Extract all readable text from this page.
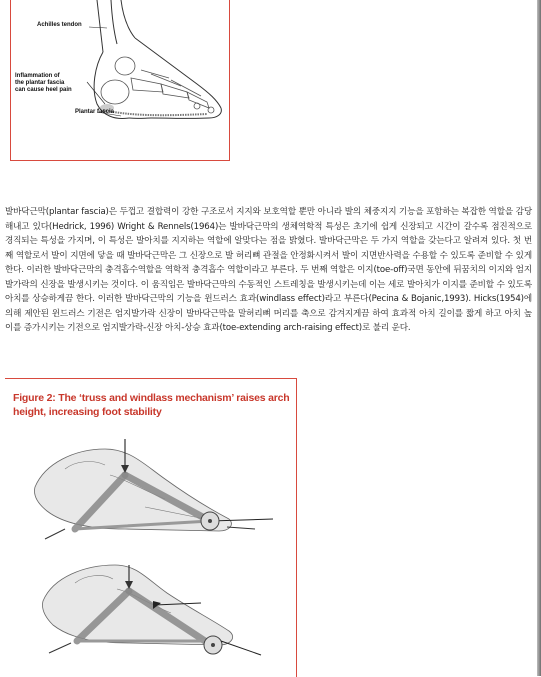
Achilles tendon
Inflammation of
the plantar fascia
can cause heel pain
Plantar fascia
발바닥근막(plantar fascia)은 두껍고 결합력이 강한 구조로서 지지와 보호역할 뿐만 아니라 발의 체중지지 기능을 포함하는 복잡한 역할을 감당해내고 있다(Hedrick, 1996) Wright & Rennels(1964)는 발바닥근막의 생체역학적 특성은 초기에 쉽게 신장되고 시간이 갈수록 점진적으로 경직되는 특성을 가지며, 이 특성은 발아치를 지지하는 역할에 알맞다는 점을 밝혔다. 발바닥근막은 두 가지 역할을 갖는다고 알려져 있다. 첫 번째 역할로서 발이 지면에 닿을 때 발바닥근막은 그 신장으로 발 허리뼈 관절을 안정화시켜서 발이 지면반사력을 수용할 수 있도록 준비할 수 있게 한다. 이러한 발바닥근막의 충격흡수역할을 역학적 충격흡수 역할이라고 부른다. 두 번째 역할은 이지(toe-off)국면 동안에 뒤꿈치의 이지와 엄지발가락의 신장을 발생시키는 것이다. 이 움직임은 발바닥근막의 수동적인 스트레칭을 발생시키는데 이는 세로 발아치가 이지를 준비할 수 있도록 아치를 상승하게끔 한다. 이러한 발바닥근막의 기능을 윈드러스 효과(windlass effect)라고 부른다(Pecina & Bojanic,1993). Hicks(1954)에 의해 제안된 윈드러스 기전은 엄지발가락 신장이 발바닥근막을 말허리뼈 머리를 축으로 감겨지게끔 하여 효과적 아치 길이를 짧게 하고 아치 높이를 증가시키는 기전으로 엄지발가락-신장 아치-상승 효과(toe-extending arch-raising effect)로 불리 운다.
Figure 2: The ‘truss and windlass mechanism’ raises arch height, increasing foot stability
